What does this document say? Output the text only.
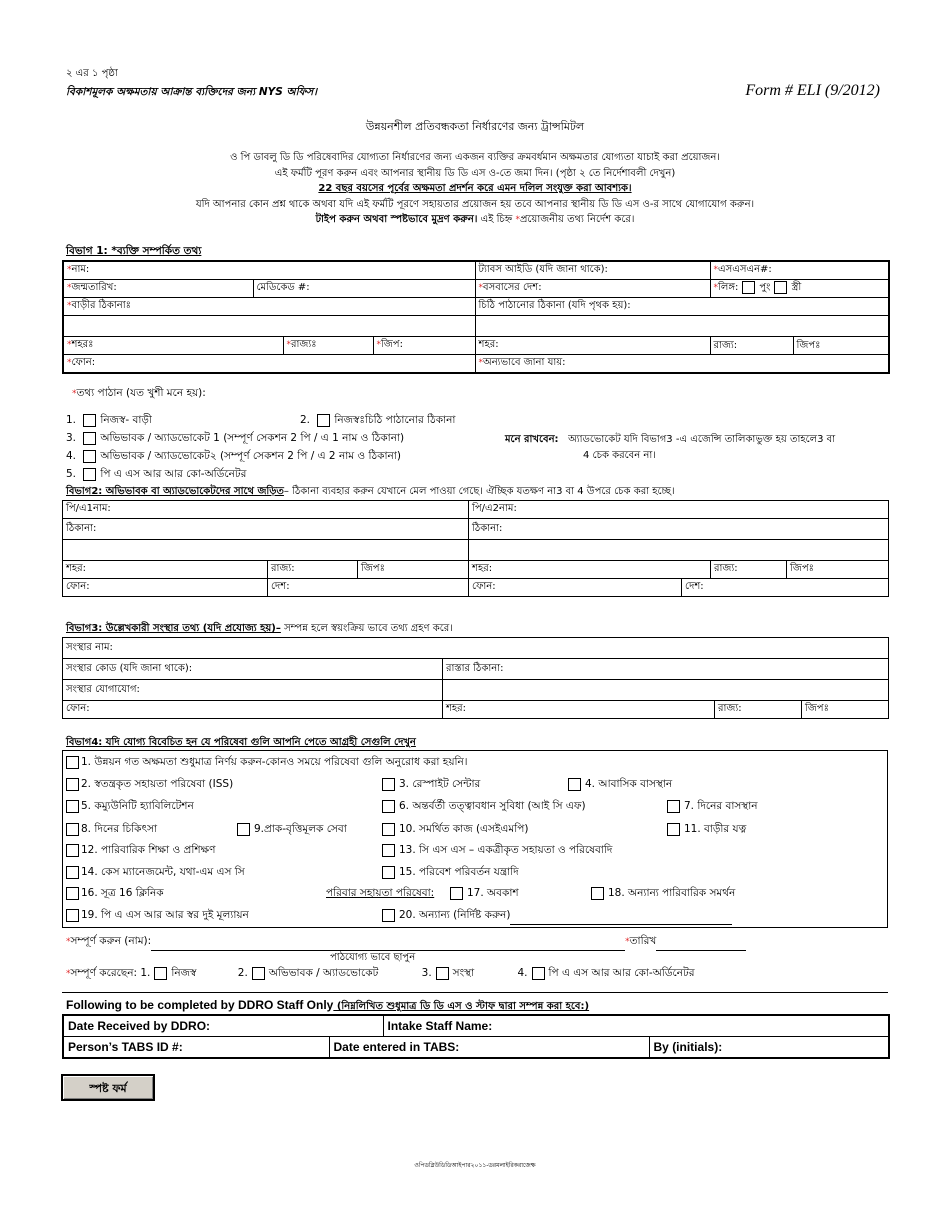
২ এর ১ পৃষ্ঠা
বিকাশমূলক অক্ষমতায় আক্রান্ত ব্যক্তিদের জন্য NYS অফিস।	Form # ELI (9/2012)
উন্নয়নশীল প্রতিবন্ধকতা নির্ধারণের জন্য ট্রান্সমিটল
ও পি ডাবলু ডি ডি পরিষেবাদির যোগ্যতা নির্ধারণের জন্য একজন ব্যক্তির ক্রমবর্ধমান অক্ষমতার যোগ্যতা যাচাই করা প্রয়োজন।
এই ফর্মটি পূরণ করুন এবং আপনার স্থানীয় ডি ডি এস ও-তে জমা দিন। (পৃষ্ঠা ২ তে নির্দেশাবলী দেখুন)
22 বছর বয়সের পূর্বের অক্ষমতা প্রদর্শন করে এমন দলিল সংযুক্ত করা আবশ্যক।
যদি আপনার কোন প্রশ্ন থাকে অথবা যদি এই ফর্মটি পূরণে সহায়তার প্রয়োজন হয় তবে আপনার স্থানীয় ডি ডি এস ও-র সাথে যোগাযোগ করুন।
টাইপ করুন অথবা স্পষ্টভাবে মুদ্রণ করুন। এই চিহ্ন *প্রয়োজনীয় তথ্য নির্দেশ করে।
বিভাগ 1: *ব্যক্তি সম্পর্কিত তথ্য
*নাম:				ট্যাবস আইডি (যদি জানা থাকে):	*এসএসএন#:
*জন্মতারিখ:	মেডিকেড #:			*বসবাসের দেশ:	*লিঙ্গ: পুং স্ত্রী
*বাড়ীর ঠিকানাঃ				চিঠি পাঠানোর ঠিকানা (যদি পৃথক হয়):	

*শহরঃ		*রাজ্যঃ	*জিপ:	শহর:	রাজ্য: জিপঃ

*ফোন:				*অন্যভাবে জানা যায়:	
*তথ্য পাঠান (যত খুশী মনে হয়):
1. নিজস্ব- বাড়ী	2. নিজস্বঃচিঠি পাঠানোর ঠিকানা
3. অভিভাবক / অ্যাডভোকেট 1 (সম্পূর্ণ সেকশন 2 পি / এ 1 নাম ও ঠিকানা)
4. অভিভাবক / অ্যাডভোকেট২ (সম্পূর্ণ সেকশন 2 পি / এ 2 নাম ও ঠিকানা)
5. পি এ এস আর আর কো-অর্ডিনেটর
মনে রাখবেন: অ্যাডভোকেট যদি বিভাগ3 -এ এজেন্সি তালিকাভুক্ত হয় তাহলে3 বা
4 চেক করবেন না।
বিভাগ2: অভিভাবক বা অ্যাডভোকেটদের সাথে জড়িত– ঠিকানা ব্যবহার করুন যেখানে মেল পাওয়া গেছে। ঐচ্ছিক যতক্ষণ না3 বা 4 উপরে চেক করা হচ্ছে।
পি/এ1নাম:			পি/এ2নাম:			
ঠিকানা:			ঠিকানা:			

শহর:	রাজ্য:	জিপঃ	শহর:		রাজ্য:	জিপঃ
ফোন:	দেশ:		ফোন:	দেশ:		
বিভাগ3: উল্লেখকারী সংস্থার তথ্য (যদি প্রযোজ্য হয়)– সম্পন্ন হলে স্বয়ংক্রিয় ভাবে তথ্য গ্রহণ করে।
সংস্থার নাম:			
সংস্থার কোড (যদি জানা থাকে):	রাস্তার ঠিকানা:		
সংস্থার যোগাযোগ:			
ফোন:	শহর:	রাজ্য:	জিপঃ
বিভাগ4: যদি যোগ্য বিবেচিত হন যে পরিষেবা গুলি আপনি পেতে আগ্রহী সেগুলি দেখুন
1. উন্নয়ন গত অক্ষমতা শুধুমাত্র নির্ণয় করুন-কোনও সময়ে পরিষেবা গুলি অনুরোধ করা হয়নি।
2. স্বতন্ত্রকৃত সহায়তা পরিষেবা (ISS)	3. রেস্পাইট সেন্টার	4. আবাসিক বাসস্থান
5. কম্যুউনিটি হ্যাবিলিটেশন	6. অন্তর্বর্তী তত্ত্বাবধান সুবিধা (আই সি এফ)	7. দিনের বাসস্থান
8. দিনের চিকিৎসা	9.প্রাক-বৃত্তিমূলক সেবা	10. সমর্থিত কাজ (এসইএমপি)	11. বাড়ীর যত্ন
12. পারিবারিক শিক্ষা ও প্রশিক্ষণ	13. সি এস এস – একত্রীকৃত সহায়তা ও পরিষেবাদি
14. কেস ম্যানেজমেন্ট, যথা-এম এস সি	15. পরিবেশ পরিবর্তন যন্ত্রাদি
16. সূত্র 16 ক্লিনিক	পরিবার সহায়তা পরিষেবা:	17. অবকাশ	18. অন্যান্য পারিবারিক সমর্থন
19. পি এ এস আর আর স্বর দুই মূল্যায়ন	20. অন্যান্য (নির্দিষ্ট করুন)
*সম্পূর্ণ করুন (নাম):	*তারিখ
পাঠযোগ্য ভাবে ছাপুন
*সম্পূর্ণ করেছেন: 1. নিজস্ব	2. অভিভাবক / অ্যাডভোকেট	3. সংস্থা	4. পি এ এস আর আর কো-অর্ডিনেটর
Following to be completed by DDRO Staff Only (নিম্নলিখিত শুধুমাত্র ডি ডি এস ও স্টাফ দ্বারা সম্পন্ন করা হবে:)
Date Received by DDRO:		Intake Staff Name:	
Person’s TABS ID #:	Date entered in TABS:		By (initials):
স্পষ্ট ফর্ম
ওপিডব্লিউডিডিআইপার২০১১-ডরমলাইরিকরাজেক্ষ
